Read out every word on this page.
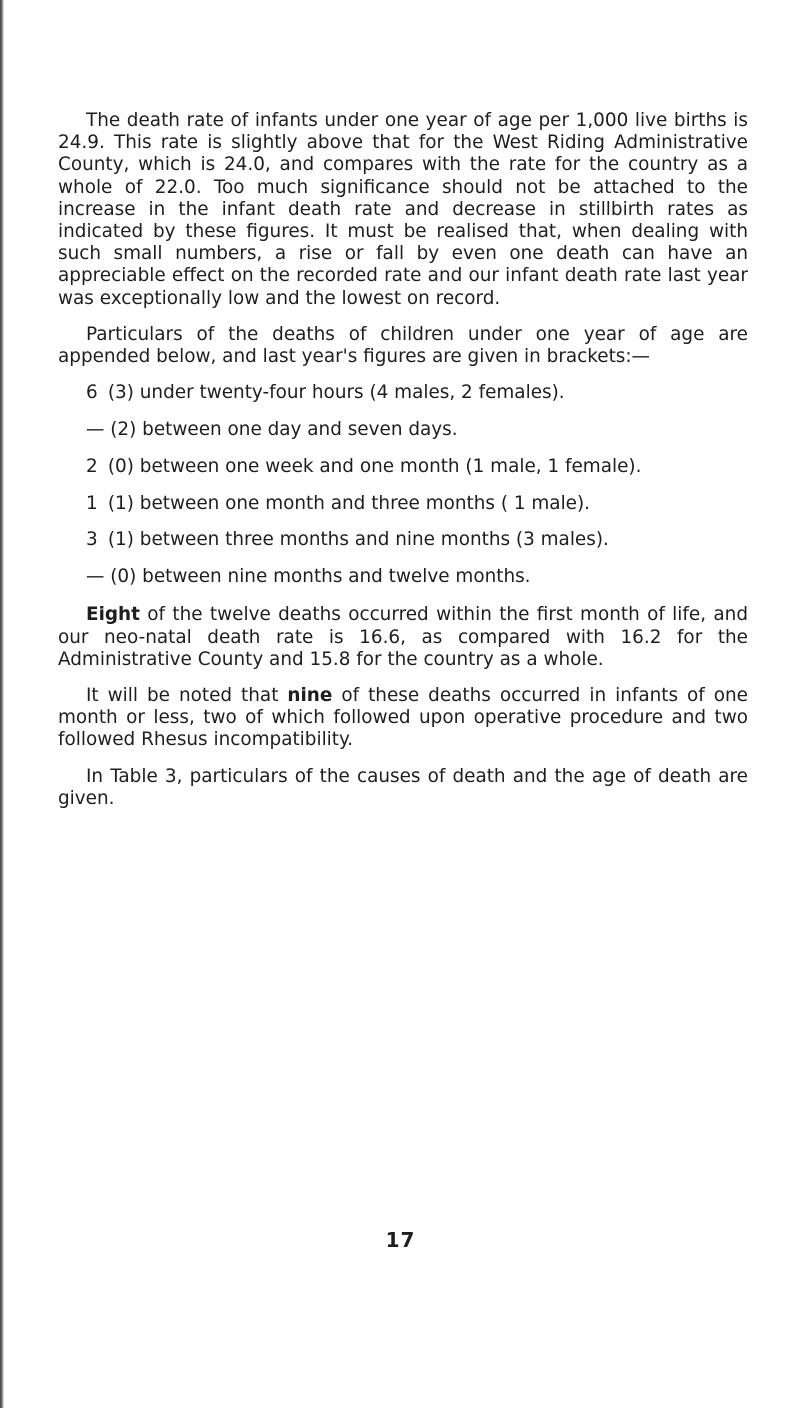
The death rate of infants under one year of age per 1,000 live births is 24.9. This rate is slightly above that for the West Riding Administrative County, which is 24.0, and compares with the rate for the country as a whole of 22.0. Too much significance should not be attached to the increase in the infant death rate and decrease in stillbirth rates as indicated by these figures. It must be realised that, when dealing with such small numbers, a rise or fall by even one death can have an appreciable effect on the recorded rate and our infant death rate last year was exceptionally low and the lowest on record.

Particulars of the deaths of children under one year of age are appended below, and last year's figures are given in brackets:—

6 (3) under twenty-four hours (4 males, 2 females).
— (2) between one day and seven days.
2 (0) between one week and one month (1 male, 1 female).
1 (1) between one month and three months ( 1 male).
3 (1) between three months and nine months (3 males).
— (0) between nine months and twelve months.

Eight of the twelve deaths occurred within the first month of life, and our neo-natal death rate is 16.6, as compared with 16.2 for the Administrative County and 15.8 for the country as a whole.

It will be noted that nine of these deaths occurred in infants of one month or less, two of which followed upon operative procedure and two followed Rhesus incompatibility.

In Table 3, particulars of the causes of death and the age of death are given.

17
